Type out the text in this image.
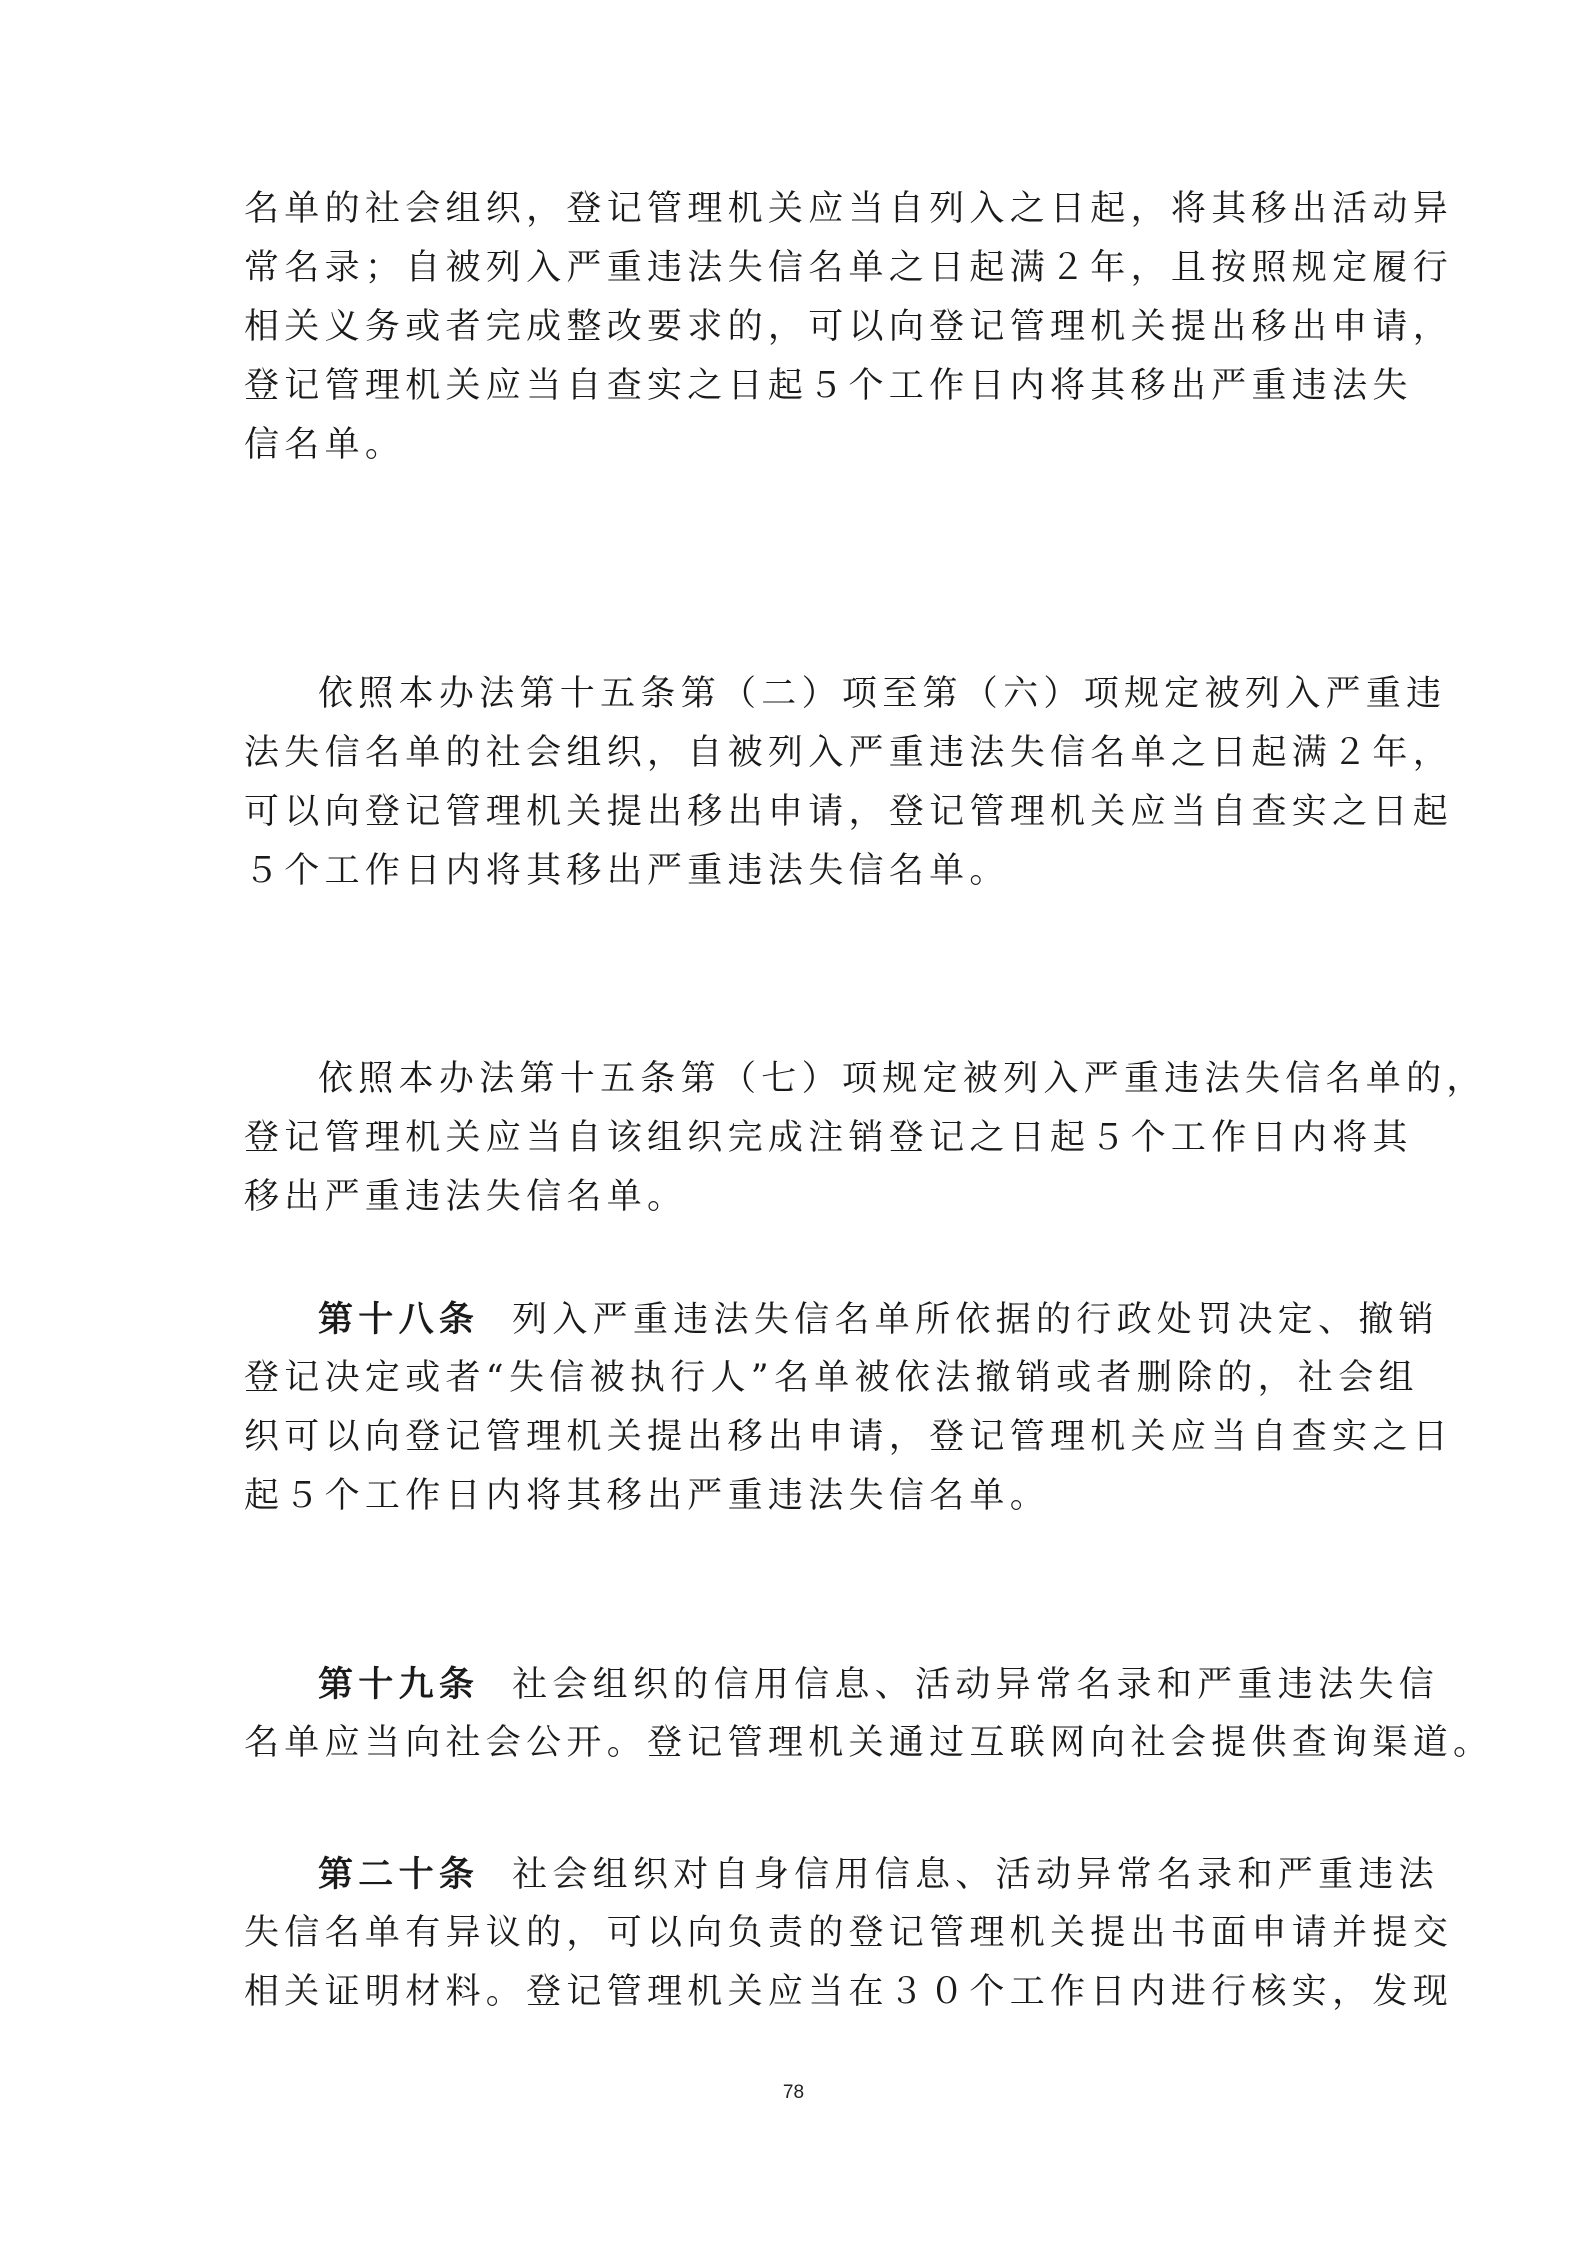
名单的社会组织，登记管理机关应当自列入之日起，将其移出活动异
常名录；自被列入严重违法失信名单之日起满２年，且按照规定履行
相关义务或者完成整改要求的，可以向登记管理机关提出移出申请，
登记管理机关应当自查实之日起５个工作日内将其移出严重违法失
信名单。
依照本办法第十五条第（二）项至第（六）项规定被列入严重违
法失信名单的社会组织，自被列入严重违法失信名单之日起满２年，
可以向登记管理机关提出移出申请，登记管理机关应当自查实之日起
５个工作日内将其移出严重违法失信名单。
依照本办法第十五条第（七）项规定被列入严重违法失信名单的，
登记管理机关应当自该组织完成注销登记之日起５个工作日内将其
移出严重违法失信名单。
第十八条 列入严重违法失信名单所依据的行政处罚决定、撤销
登记决定或者“失信被执行人”名单被依法撤销或者删除的，社会组
织可以向登记管理机关提出移出申请，登记管理机关应当自查实之日
起５个工作日内将其移出严重违法失信名单。
第十九条 社会组织的信用信息、活动异常名录和严重违法失信
名单应当向社会公开。登记管理机关通过互联网向社会提供查询渠道。
第二十条 社会组织对自身信用信息、活动异常名录和严重违法
失信名单有异议的，可以向负责的登记管理机关提出书面申请并提交
相关证明材料。登记管理机关应当在３０个工作日内进行核实，发现
78
